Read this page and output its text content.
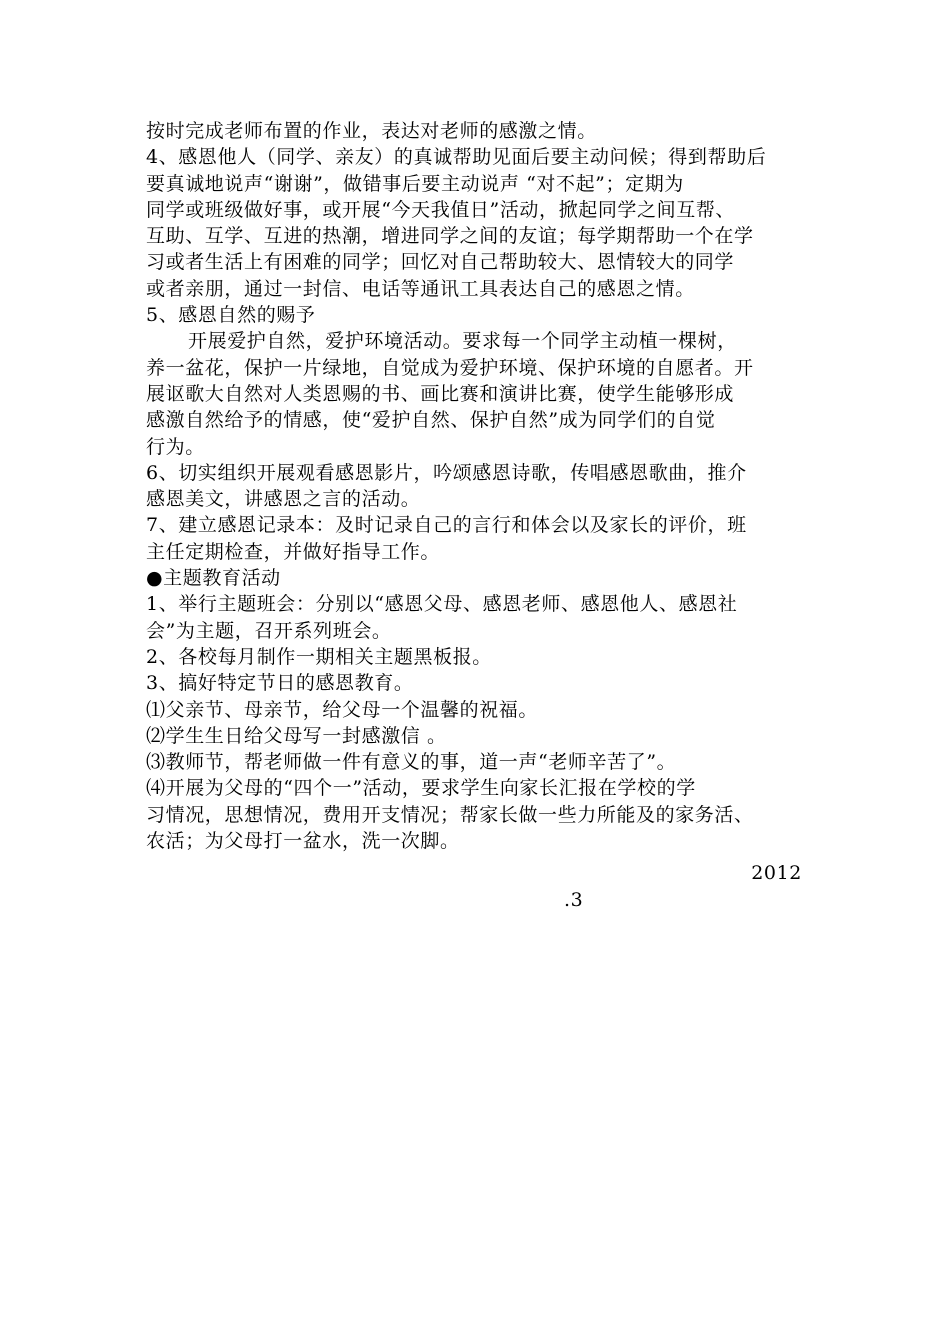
按时完成老师布置的作业，表达对老师的感激之情。
4、感恩他人（同学、亲友）的真诚帮助见面后要主动问候；得到帮助后
要真诚地说声“谢谢”，做错事后要主动说声 “对不起”；定期为
同学或班级做好事，或开展“今天我值日”活动，掀起同学之间互帮、
互助、互学、互进的热潮，增进同学之间的友谊；每学期帮助一个在学
习或者生活上有困难的同学；回忆对自己帮助较大、恩情较大的同学
或者亲朋，通过一封信、电话等通讯工具表达自己的感恩之情。
5、感恩自然的赐予
开展爱护自然，爱护环境活动。要求每一个同学主动植一棵树，
养一盆花，保护一片绿地，自觉成为爱护环境、保护环境的自愿者。开
展讴歌大自然对人类恩赐的书、画比赛和演讲比赛，使学生能够形成
感激自然给予的情感，使“爱护自然、保护自然”成为同学们的自觉
行为。
6、切实组织开展观看感恩影片，吟颂感恩诗歌，传唱感恩歌曲，推介
感恩美文，讲感恩之言的活动。
7、建立感恩记录本：及时记录自己的言行和体会以及家长的评价，班
主任定期检查，并做好指导工作。
●主题教育活动
1、举行主题班会：分别以“感恩父母、感恩老师、感恩他人、感恩社
会”为主题，召开系列班会。
2、各校每月制作一期相关主题黑板报。
3、搞好特定节日的感恩教育。
⑴父亲节、母亲节，给父母一个温馨的祝福。
⑵学生生日给父母写一封感激信 。
⑶教师节，帮老师做一件有意义的事，道一声“老师辛苦了”。
⑷开展为父母的“四个一”活动，要求学生向家长汇报在学校的学
习情况，思想情况，费用开支情况；帮家长做一些力所能及的家务活、
农活；为父母打一盆水，洗一次脚。
2012
.3
